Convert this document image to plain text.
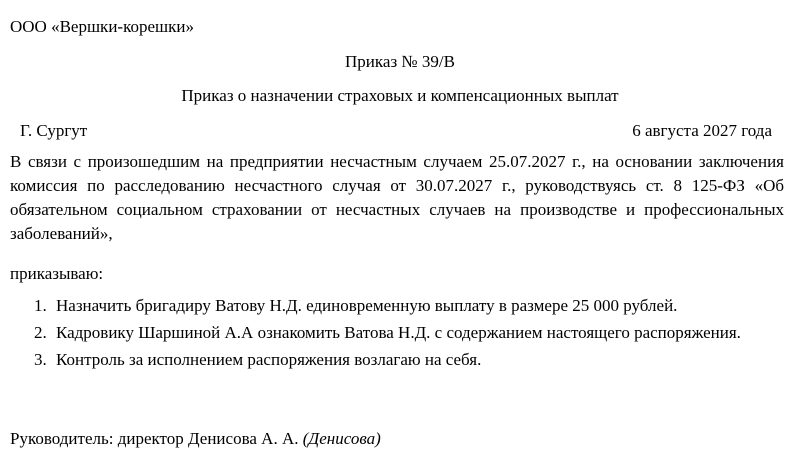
ООО «Вершки-корешки»
Приказ № 39/В
Приказ о назначении страховых и компенсационных выплат
Г. Сургут	6 августа 2027 года
В связи с произошедшим на предприятии несчастным случаем 25.07.2027 г., на основании заключения комиссия по расследованию несчастного случая от 30.07.2027 г., руководствуясь ст. 8 125-ФЗ «Об обязательном социальном страховании от несчастных случаев на производстве и профессиональных заболеваний»,
приказываю:
1. Назначить бригадиру Ватову Н.Д. единовременную выплату в размере 25 000 рублей.
2. Кадровику Шаршиной А.А ознакомить Ватова Н.Д. с содержанием настоящего распоряжения.
3. Контроль за исполнением распоряжения возлагаю на себя.
Руководитель: директор Денисова А. А. (Денисова)
